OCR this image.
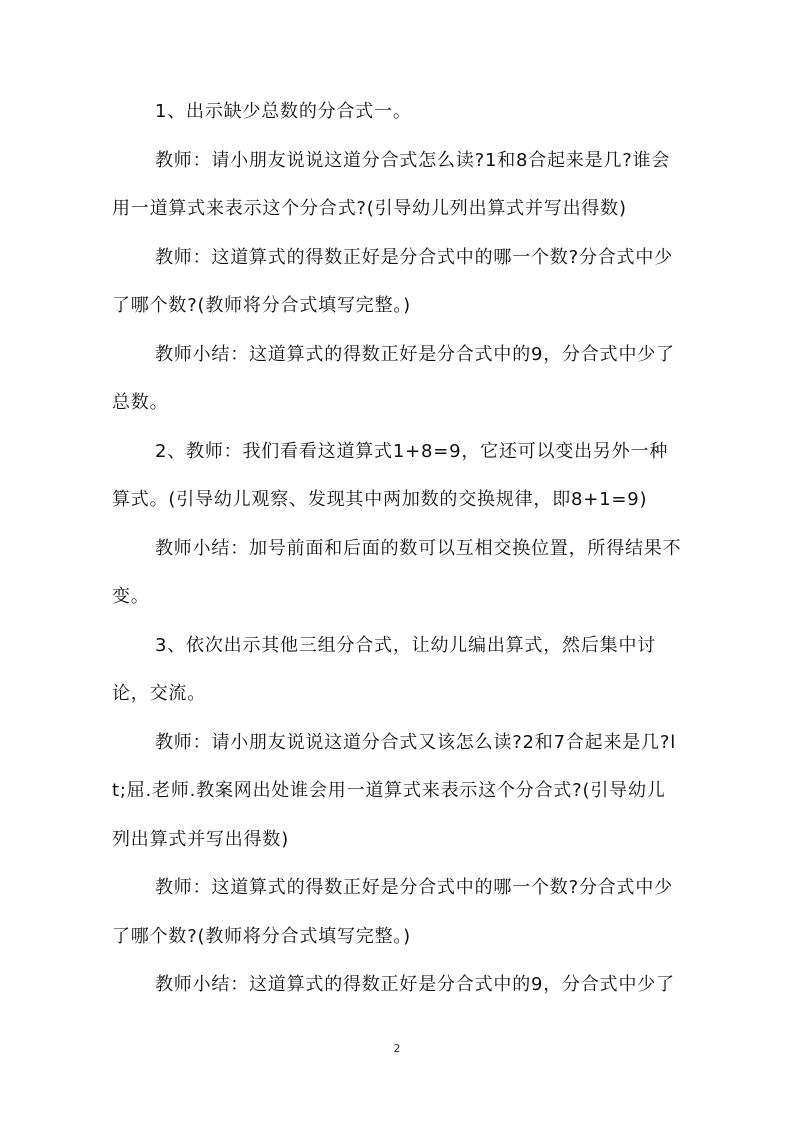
1、出示缺少总数的分合式一。

教师：请小朋友说说这道分合式怎么读?1和8合起来是几?谁会用一道算式来表示这个分合式?(引导幼儿列出算式并写出得数)

教师：这道算式的得数正好是分合式中的哪一个数?分合式中少了哪个数?(教师将分合式填写完整。)

教师小结：这道算式的得数正好是分合式中的9，分合式中少了总数。

2、教师：我们看看这道算式1+8=9，它还可以变出另外一种算式。(引导幼儿观察、发现其中两加数的交换规律，即8+1=9)

教师小结：加号前面和后面的数可以互相交换位置，所得结果不变。

3、依次出示其他三组分合式，让幼儿编出算式，然后集中讨论，交流。

教师：请小朋友说说这道分合式又该怎么读?2和7合起来是几?lt;屈.老师.教案网出处谁会用一道算式来表示这个分合式?(引导幼儿列出算式并写出得数)

教师：这道算式的得数正好是分合式中的哪一个数?分合式中少了哪个数?(教师将分合式填写完整。)

教师小结：这道算式的得数正好是分合式中的9，分合式中少了

2
